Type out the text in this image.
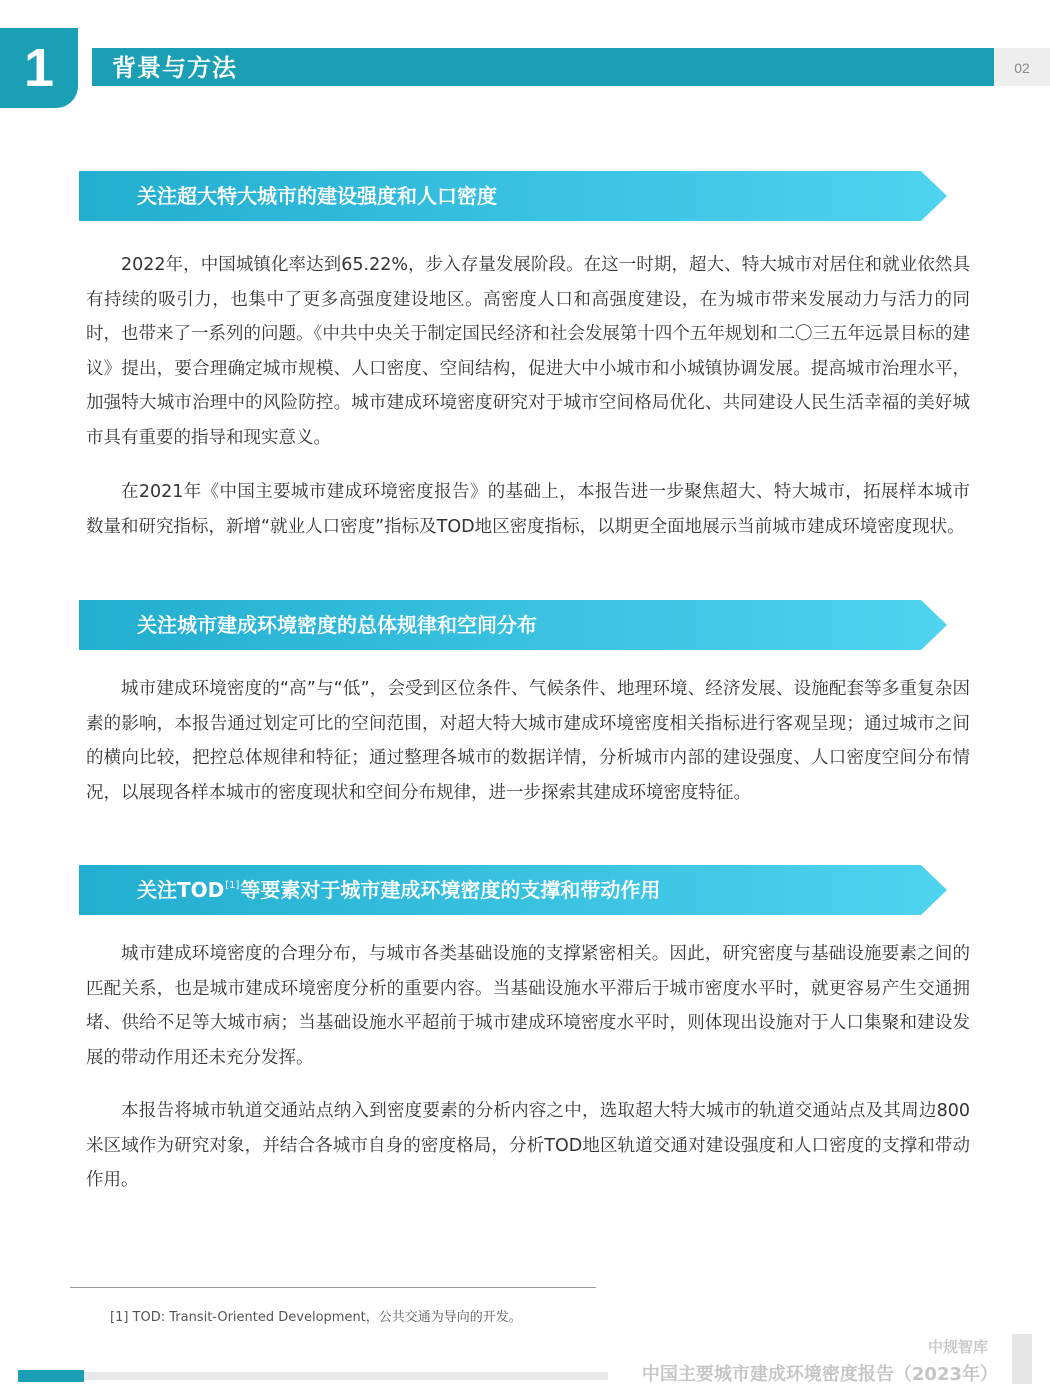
1	背景与方法	02
关注超大特大城市的建设强度和人口密度

2022年，中国城镇化率达到65.22%，步入存量发展阶段。在这一时期，超大、特大城市对居住和就业依然具有持续的吸引力，也集中了更多高强度建设地区。高密度人口和高强度建设，在为城市带来发展动力与活力的同时，也带来了一系列的问题。《中共中央关于制定国民经济和社会发展第十四个五年规划和二〇三五年远景目标的建议》提出，要合理确定城市规模、人口密度、空间结构，促进大中小城市和小城镇协调发展。提高城市治理水平，加强特大城市治理中的风险防控。城市建成环境密度研究对于城市空间格局优化、共同建设人民生活幸福的美好城市具有重要的指导和现实意义。

在2021年《中国主要城市建成环境密度报告》的基础上，本报告进一步聚焦超大、特大城市，拓展样本城市数量和研究指标，新增“就业人口密度”指标及TOD地区密度指标，以期更全面地展示当前城市建成环境密度现状。

关注城市建成环境密度的总体规律和空间分布

城市建成环境密度的“高”与“低”，会受到区位条件、气候条件、地理环境、经济发展、设施配套等多重复杂因素的影响，本报告通过划定可比的空间范围，对超大特大城市建成环境密度相关指标进行客观呈现；通过城市之间的横向比较，把控总体规律和特征；通过整理各城市的数据详情，分析城市内部的建设强度、人口密度空间分布情况，以展现各样本城市的密度现状和空间分布规律，进一步探索其建成环境密度特征。

关注TOD[1]等要素对于城市建成环境密度的支撑和带动作用

城市建成环境密度的合理分布，与城市各类基础设施的支撑紧密相关。因此，研究密度与基础设施要素之间的匹配关系，也是城市建成环境密度分析的重要内容。当基础设施水平滞后于城市密度水平时，就更容易产生交通拥堵、供给不足等大城市病；当基础设施水平超前于城市建成环境密度水平时，则体现出设施对于人口集聚和建设发展的带动作用还未充分发挥。

本报告将城市轨道交通站点纳入到密度要素的分析内容之中，选取超大特大城市的轨道交通站点及其周边800米区域作为研究对象，并结合各城市自身的密度格局，分析TOD地区轨道交通对建设强度和人口密度的支撑和带动作用。

[1] TOD: Transit-Oriented Development，公共交通为导向的开发。
中规智库
中国主要城市建成环境密度报告（2023年）
